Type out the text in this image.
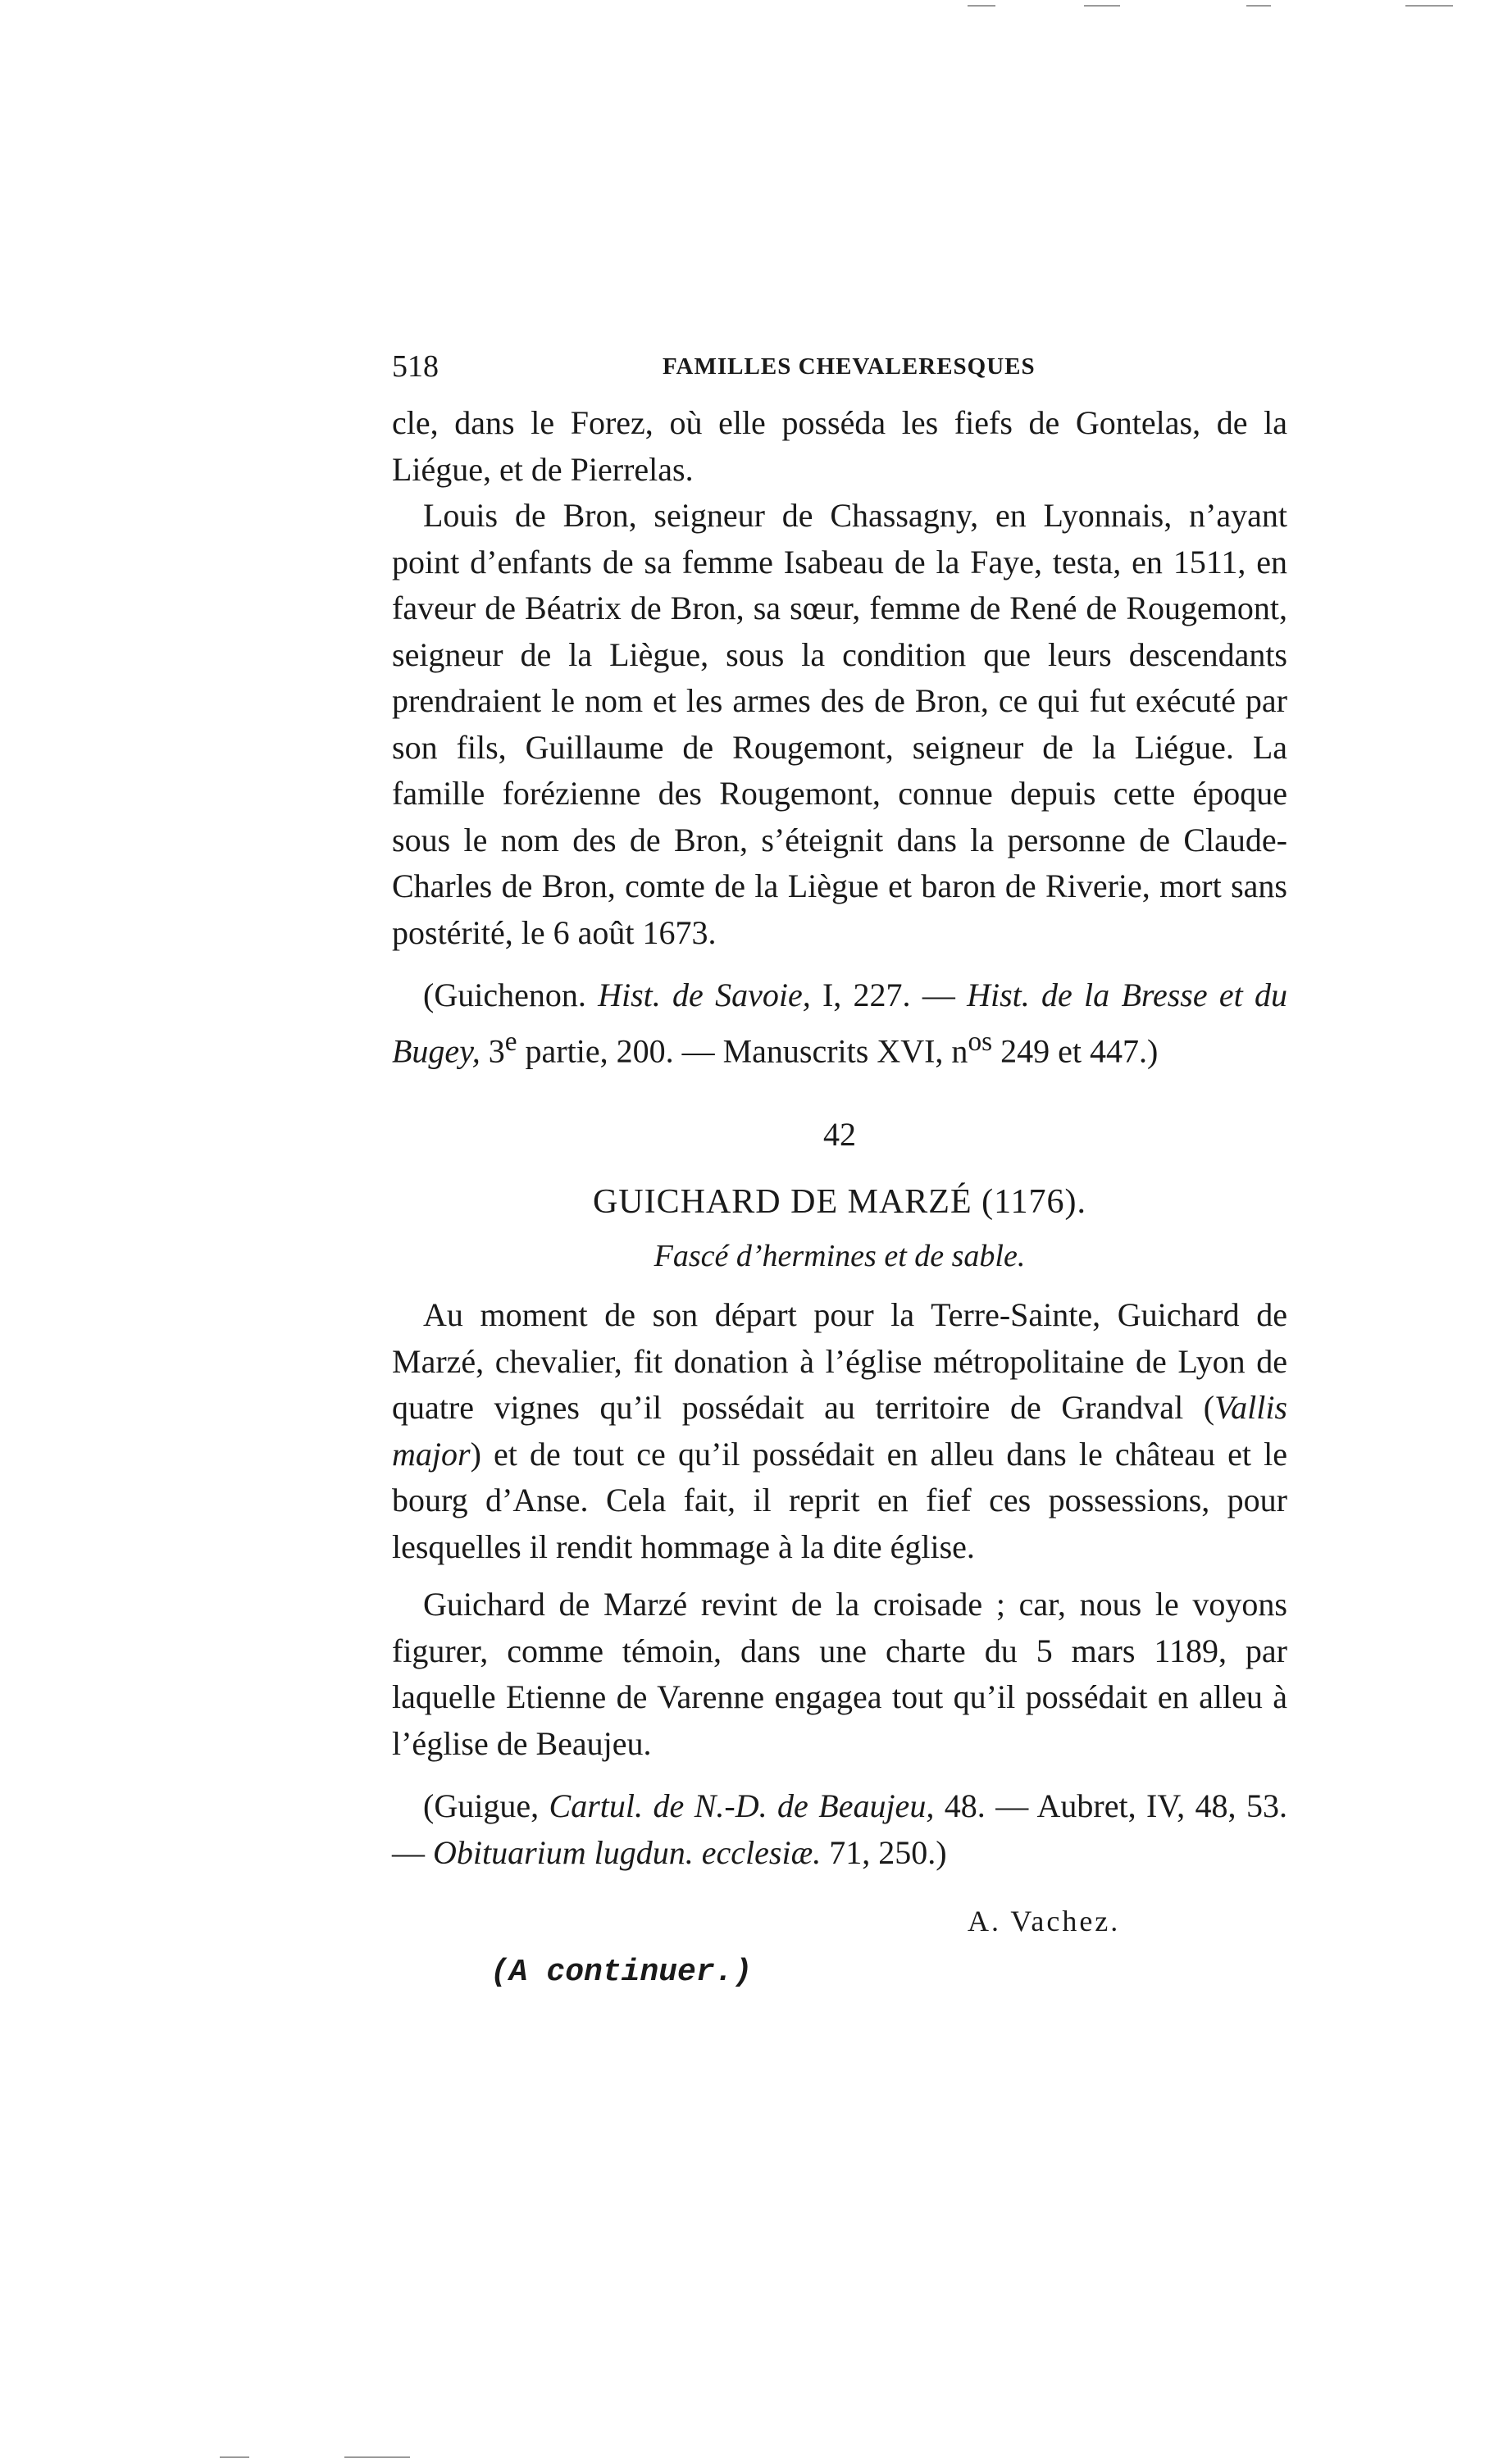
518	FAMILLES CHEVALERESQUES

cle, dans le Forez, où elle posséda les fiefs de Gontelas, de la Liégue, et de Pierrelas.

Louis de Bron, seigneur de Chassagny, en Lyonnais, n’ayant point d’enfants de sa femme Isabeau de la Faye, testa, en 1511, en faveur de Béatrix de Bron, sa sœur, femme de René de Rougemont, seigneur de la Liègue, sous la condition que leurs descendants prendraient le nom et les armes des de Bron, ce qui fut exécuté par son fils, Guillaume de Rougemont, seigneur de la Liégue. La famille forézienne des Rougemont, connue depuis cette époque sous le nom des de Bron, s’éteignit dans la personne de Claude-Charles de Bron, comte de la Liègue et baron de Riverie, mort sans postérité, le 6 août 1673.

(Guichenon. Hist. de Savoie, I, 227. — Hist. de la Bresse et du Bugey, 3e partie, 200. — Manuscrits XVI, $n^{os}$ 249 et 447.)

42
GUICHARD DE MARZÉ (1176).
Fascé d’hermines et de sable.

Au moment de son départ pour la Terre-Sainte, Guichard de Marzé, chevalier, fit donation à l’église métropolitaine de Lyon de quatre vignes qu’il possédait au territoire de Grandval (Vallis major) et de tout ce qu’il possédait en alleu dans le château et le bourg d’Anse. Cela fait, il reprit en fief ces possessions, pour lesquelles il rendit hommage à la dite église.

Guichard de Marzé revint de la croisade ; car, nous le voyons figurer, comme témoin, dans une charte du 5 mars 1189, par laquelle Etienne de Varenne engagea tout qu’il possédait en alleu à l’église de Beaujeu.

(Guigue, Cartul. de N.-D. de Beaujeu, 48. — Aubret, IV, 48, 53. — Obituarium lugdun. ecclesiæ. 71, 250.)

A. Vachez.
(A continuer.)
